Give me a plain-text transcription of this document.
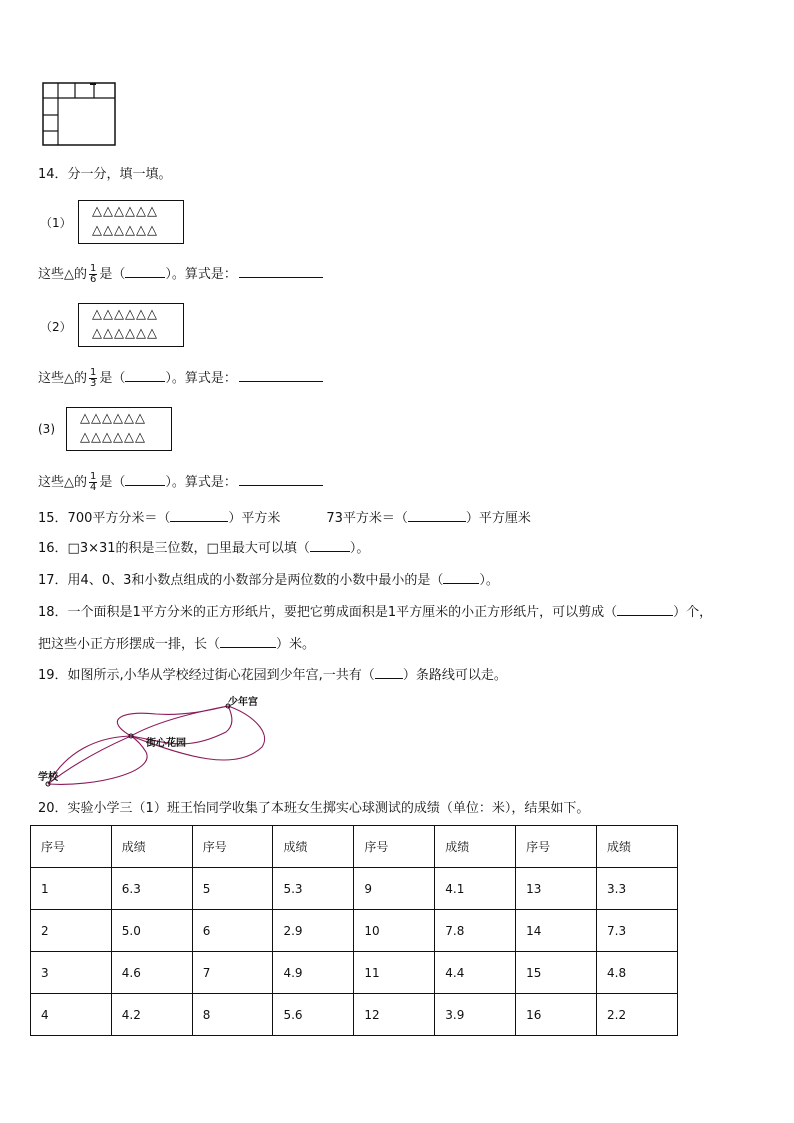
14．分一分，填一填。
（1）
△△△△△△
△△△△△△
这些△的 $\frac{1}{6}$ 是（	）。算式是：
（2）
△△△△△△
△△△△△△
这些△的 $\frac{1}{3}$ 是（	）。算式是：
(3)
△△△△△△
△△△△△△
这些△的 $\frac{1}{4}$ 是（	）。算式是：
15．700平方分米＝（	）平方米	73平方米＝（	）平方厘米
16．□3×31的积是三位数，□里最大可以填（	）。
17．用4、0、3和小数点组成的小数部分是两位数的小数中最小的是（	）。
18．一个面积是1平方分米的正方形纸片，要把它剪成面积是1平方厘米的小正方形纸片，可以剪成（	）个，
把这些小正方形摆成一排，长（	）米。
19．如图所示,小华从学校经过街心花园到少年宫,一共有（ ）条路线可以走。
少年宫
街心花园
学校
20．实验小学三（1）班王怡同学收集了本班女生掷实心球测试的成绩（单位：米），结果如下。
序号	成绩	序号	成绩	序号	成绩	序号	成绩
1	6.3	5	5.3	9	4.1	13	3.3
2	5.0	6	2.9	10	7.8	14	7.3
3	4.6	7	4.9	11	4.4	15	4.8
4	4.2	8	5.6	12	3.9	16	2.2
